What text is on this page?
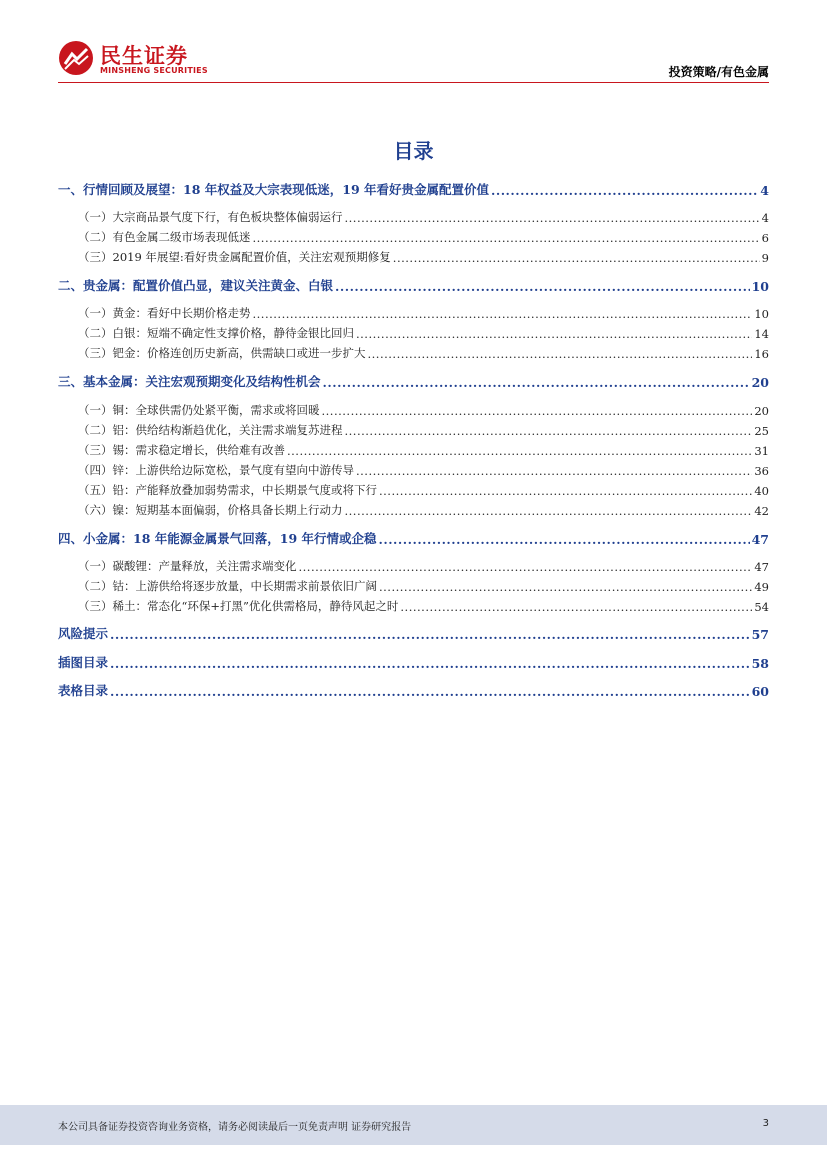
民生证券
MINSHENG SECURITIES	投资策略/有色金属
目录
一、行情回顾及展望：18 年权益及大宗表现低迷，19 年看好贵金属配置价值 .....	4
（一）大宗商品景气度下行，有色板块整体偏弱运行 .....	4
（二）有色金属二级市场表现低迷 .....	6
（三）2019 年展望:看好贵金属配置价值，关注宏观预期修复 .....	9
二、贵金属：配置价值凸显，建议关注黄金、白银 .....	10
（一）黄金：看好中长期价格走势 .....	10
（二）白银：短端不确定性支撑价格，静待金银比回归 .....	14
（三）钯金：价格连创历史新高，供需缺口或进一步扩大 .....	16
三、基本金属：关注宏观预期变化及结构性机会 .....	20
（一）铜：全球供需仍处紧平衡，需求或将回暖 .....	20
（二）铝：供给结构渐趋优化，关注需求端复苏进程 .....	25
（三）锡：需求稳定增长，供给难有改善 .....	31
（四）锌：上游供给边际宽松，景气度有望向中游传导 .....	36
（五）铅：产能释放叠加弱势需求，中长期景气度或将下行 .....	40
（六）镍：短期基本面偏弱，价格具备长期上行动力 .....	42
四、小金属：18 年能源金属景气回落，19 年行情或企稳 .....	47
（一）碳酸锂：产量释放，关注需求端变化 .....	47
（二）钴：上游供给将逐步放量，中长期需求前景依旧广阔 .....	49
（三）稀土：常态化“环保+打黑”优化供需格局，静待风起之时 .....	54
风险提示 .....	57
插图目录 .....	58
表格目录 .....	60
本公司具备证券投资咨询业务资格，请务必阅读最后一页免责声明 证券研究报告	3
